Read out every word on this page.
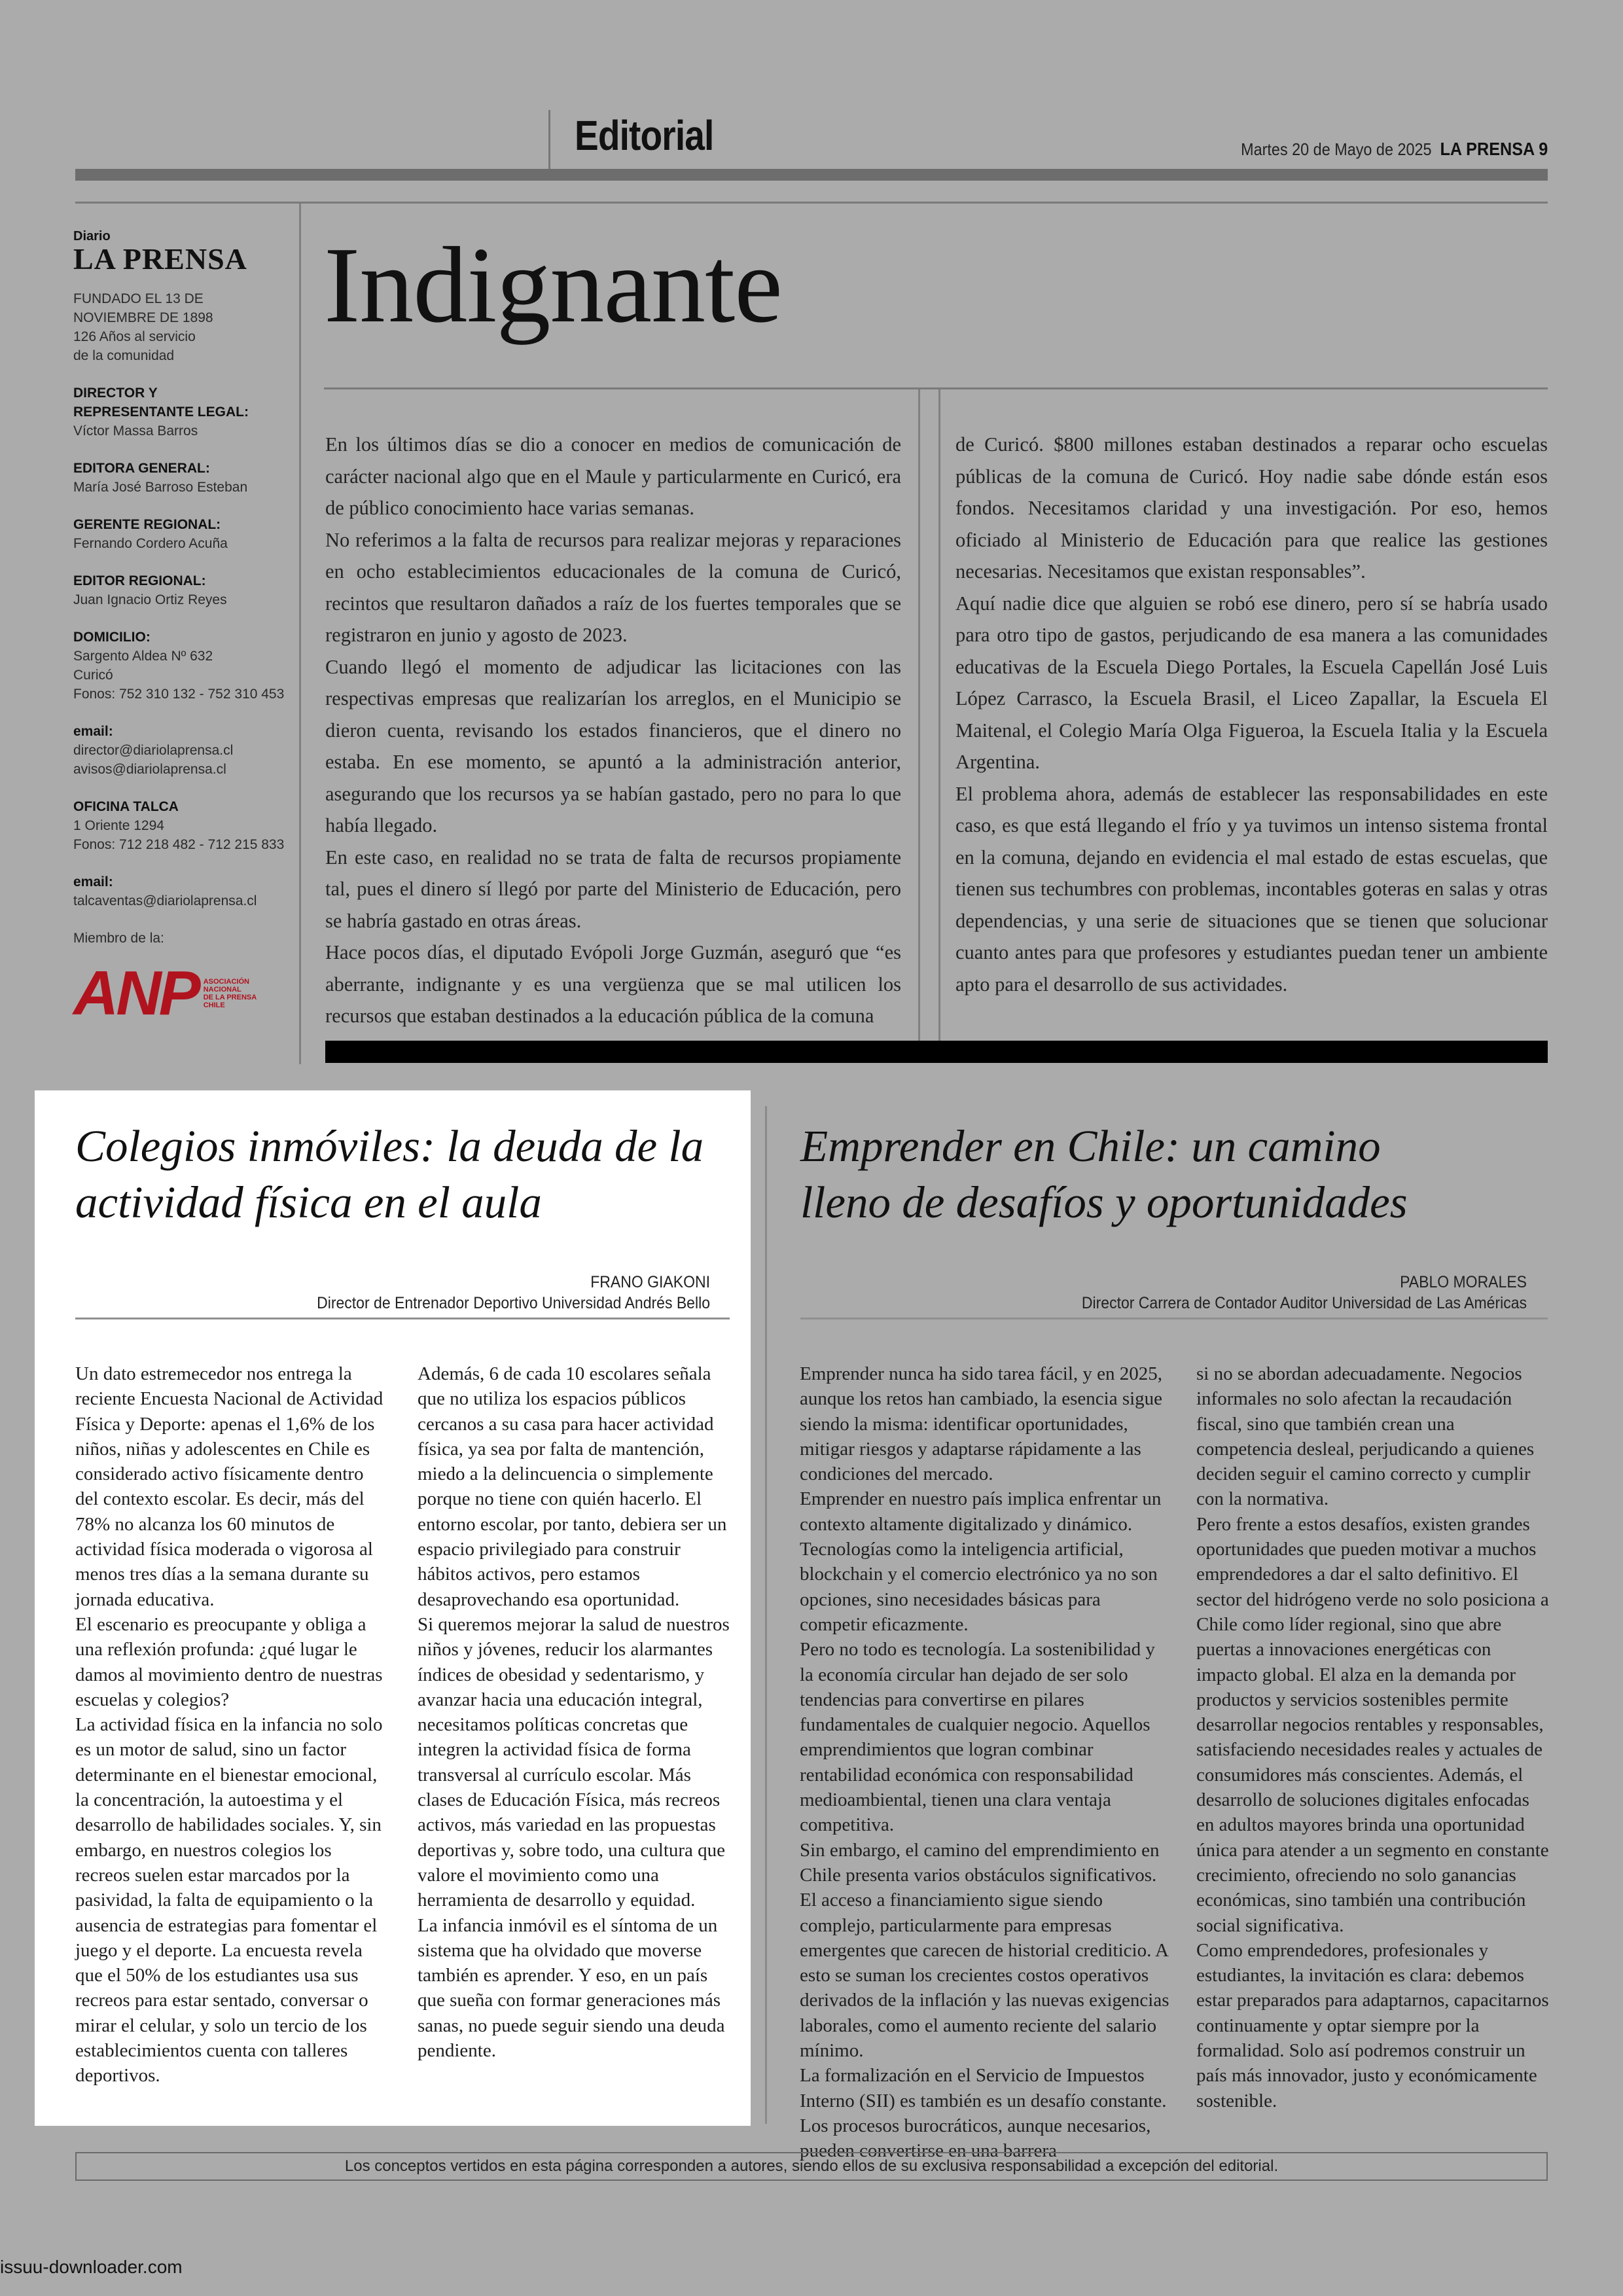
Editorial	Martes 20 de Mayo de 2025 LA PRENSA 9
Diario
LA PRENSA
FUNDADO EL 13 DE
NOVIEMBRE DE 1898
126 Años al servicio
de la comunidad
DIRECTOR Y
REPRESENTANTE LEGAL:
Víctor Massa Barros
EDITORA GENERAL:
María José Barroso Esteban
GERENTE REGIONAL:
Fernando Cordero Acuña
EDITOR REGIONAL:
Juan Ignacio Ortiz Reyes
DOMICILIO:
Sargento Aldea Nº 632
Curicó
Fonos: 752 310 132 - 752 310 453
email:
director@diariolaprensa.cl
avisos@diariolaprensa.cl
OFICINA TALCA
1 Oriente 1294
Fonos: 712 218 482 - 712 215 833
email:
talcaventas@diariolaprensa.cl
Miembro de la:
ANP ASOCIACIÓN
NACIONAL
DE LA PRENSA
CHILE
Indignante

En los últimos días se dio a conocer en medios de comunicación de carácter nacional algo que en el Maule y particularmente en Curicó, era de público conocimiento hace varias semanas.

No referimos a la falta de recursos para realizar mejoras y reparaciones en ocho establecimientos educacionales de la comuna de Curicó, recintos que resultaron dañados a raíz de los fuertes temporales que se registraron en junio y agosto de 2023.

Cuando llegó el momento de adjudicar las licitaciones con las respectivas empresas que realizarían los arreglos, en el Municipio se dieron cuenta, revisando los estados financieros, que el dinero no estaba. En ese momento, se apuntó a la administración anterior, asegurando que los recursos ya se habían gastado, pero no para lo que había llegado.

En este caso, en realidad no se trata de falta de recursos propiamente tal, pues el dinero sí llegó por parte del Ministerio de Educación, pero se habría gastado en otras áreas.

Hace pocos días, el diputado Evópoli Jorge Guzmán, aseguró que “es aberrante, indignante y es una vergüenza que se mal utilicen los recursos que estaban destinados a la educación pública de la comuna

de Curicó. $800 millones estaban destinados a reparar ocho escuelas públicas de la comuna de Curicó. Hoy nadie sabe dónde están esos fondos. Necesitamos claridad y una investigación. Por eso, hemos oficiado al Ministerio de Educación para que realice las gestiones necesarias. Necesitamos que existan responsables”.

Aquí nadie dice que alguien se robó ese dinero, pero sí se habría usado para otro tipo de gastos, perjudicando de esa manera a las comunidades educativas de la Escuela Diego Portales, la Escuela Capellán José Luis López Carrasco, la Escuela Brasil, el Liceo Zapallar, la Escuela El Maitenal, el Colegio María Olga Figueroa, la Escuela Italia y la Escuela Argentina.

El problema ahora, además de establecer las responsabilidades en este caso, es que está llegando el frío y ya tuvimos un intenso sistema frontal en la comuna, dejando en evidencia el mal estado de estas escuelas, que tienen sus techumbres con problemas, incontables goteras en salas y otras dependencias, y una serie de situaciones que se tienen que solucionar cuanto antes para que profesores y estudiantes puedan tener un ambiente apto para el desarrollo de sus actividades.

Colegios inmóviles: la deuda de la actividad física en el aula
FRANO GIAKONI
Director de Entrenador Deportivo Universidad Andrés Bello

Un dato estremecedor nos entrega la reciente Encuesta Nacional de Actividad Física y Deporte: apenas el 1,6% de los niños, niñas y adolescentes en Chile es considerado activo físicamente dentro del contexto escolar. Es decir, más del 78% no alcanza los 60 minutos de actividad física moderada o vigorosa al menos tres días a la semana durante su jornada educativa.

El escenario es preocupante y obliga a una reflexión profunda: ¿qué lugar le damos al movimiento dentro de nuestras escuelas y colegios?

La actividad física en la infancia no solo es un motor de salud, sino un factor determinante en el bienestar emocional, la concentración, la autoestima y el desarrollo de habilidades sociales. Y, sin embargo, en nuestros colegios los recreos suelen estar marcados por la pasividad, la falta de equipamiento o la ausencia de estrategias para fomentar el juego y el deporte. La encuesta revela que el 50% de los estudiantes usa sus recreos para estar sentado, conversar o mirar el celular, y solo un tercio de los establecimientos cuenta con talleres deportivos.

Además, 6 de cada 10 escolares señala que no utiliza los espacios públicos cercanos a su casa para hacer actividad física, ya sea por falta de mantención, miedo a la delincuencia o simplemente porque no tiene con quién hacerlo. El entorno escolar, por tanto, debiera ser un espacio privilegiado para construir hábitos activos, pero estamos desaprovechando esa oportunidad.

Si queremos mejorar la salud de nuestros niños y jóvenes, reducir los alarmantes índices de obesidad y sedentarismo, y avanzar hacia una educación integral, necesitamos políticas concretas que integren la actividad física de forma transversal al currículo escolar. Más clases de Educación Física, más recreos activos, más variedad en las propuestas deportivas y, sobre todo, una cultura que valore el movimiento como una herramienta de desarrollo y equidad.

La infancia inmóvil es el síntoma de un sistema que ha olvidado que moverse también es aprender. Y eso, en un país que sueña con formar generaciones más sanas, no puede seguir siendo una deuda pendiente.

Emprender en Chile: un camino lleno de desafíos y oportunidades
PABLO MORALES
Director Carrera de Contador Auditor Universidad de Las Américas

Emprender nunca ha sido tarea fácil, y en 2025, aunque los retos han cambiado, la esencia sigue siendo la misma: identificar oportunidades, mitigar riesgos y adaptarse rápidamente a las condiciones del mercado.

Emprender en nuestro país implica enfrentar un contexto altamente digitalizado y dinámico. Tecnologías como la inteligencia artificial, blockchain y el comercio electrónico ya no son opciones, sino necesidades básicas para competir eficazmente.

Pero no todo es tecnología. La sostenibilidad y la economía circular han dejado de ser solo tendencias para convertirse en pilares fundamentales de cualquier negocio. Aquellos emprendimientos que logran combinar rentabilidad económica con responsabilidad medioambiental, tienen una clara ventaja competitiva.

Sin embargo, el camino del emprendimiento en Chile presenta varios obstáculos significativos.

El acceso a financiamiento sigue siendo complejo, particularmente para empresas emergentes que carecen de historial crediticio. A esto se suman los crecientes costos operativos derivados de la inflación y las nuevas exigencias laborales, como el aumento reciente del salario mínimo.

La formalización en el Servicio de Impuestos Interno (SII) es también es un desafío constante. Los procesos burocráticos, aunque necesarios, pueden convertirse en una barrera

si no se abordan adecuadamente. Negocios informales no solo afectan la recaudación fiscal, sino que también crean una competencia desleal, perjudicando a quienes deciden seguir el camino correcto y cumplir con la normativa.

Pero frente a estos desafíos, existen grandes oportunidades que pueden motivar a muchos emprendedores a dar el salto definitivo. El sector del hidrógeno verde no solo posiciona a Chile como líder regional, sino que abre puertas a innovaciones energéticas con impacto global. El alza en la demanda por productos y servicios sostenibles permite desarrollar negocios rentables y responsables, satisfaciendo necesidades reales y actuales de consumidores más conscientes. Además, el desarrollo de soluciones digitales enfocadas en adultos mayores brinda una oportunidad única para atender a un segmento en constante crecimiento, ofreciendo no solo ganancias económicas, sino también una contribución social significativa.

Como emprendedores, profesionales y estudiantes, la invitación es clara: debemos estar preparados para adaptarnos, capacitarnos continuamente y optar siempre por la formalidad. Solo así podremos construir un país más innovador, justo y económicamente sostenible.

Los conceptos vertidos en esta página corresponden a autores, siendo ellos de su exclusiva responsabilidad a excepción del editorial.
issuu-downloader.com
